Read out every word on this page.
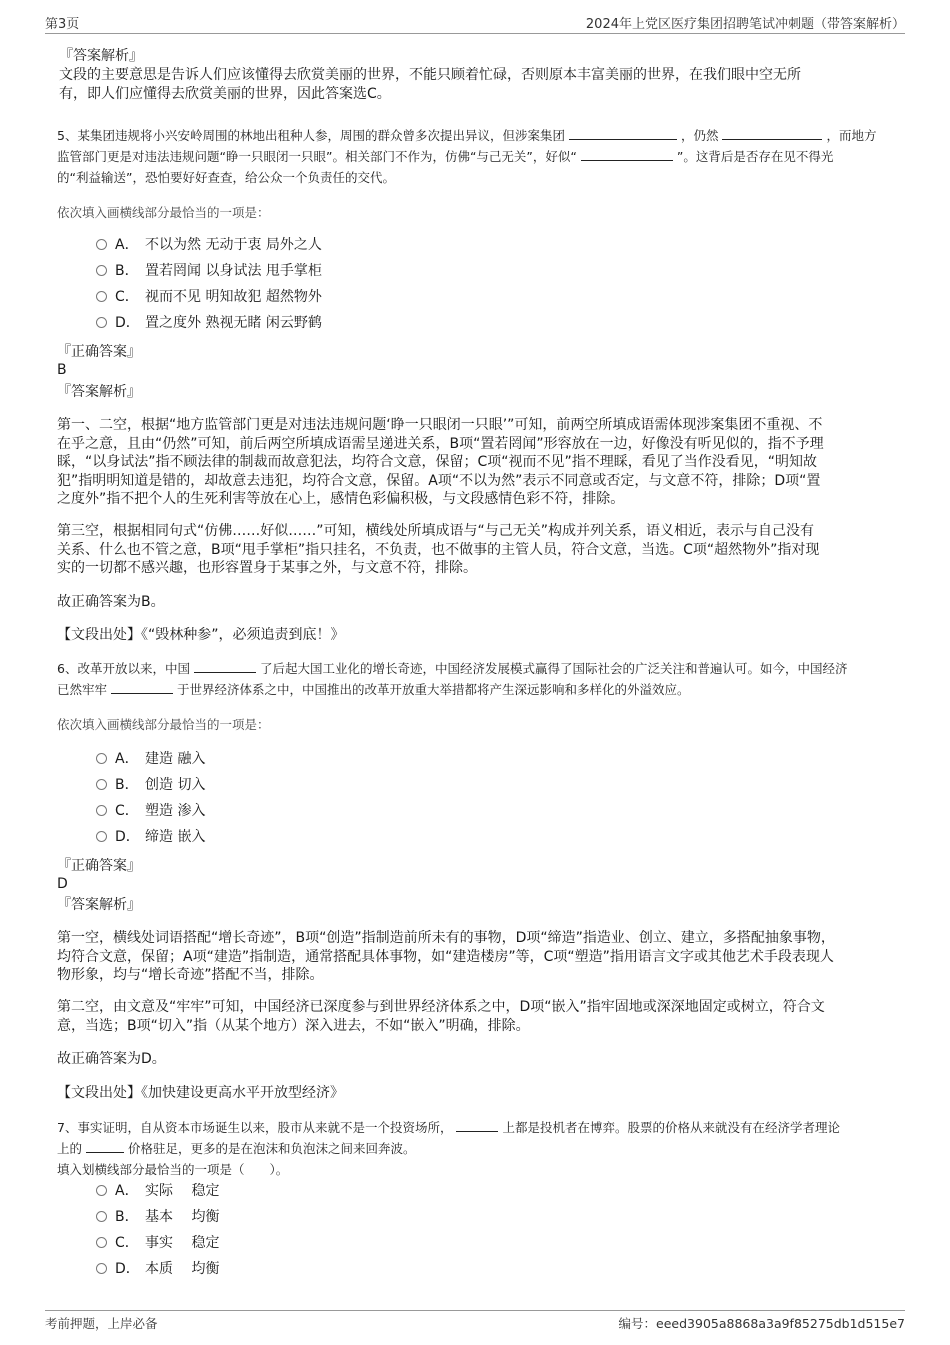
第3页	2024年上党区医疗集团招聘笔试冲刺题（带答案解析）
『答案解析』
文段的主要意思是告诉人们应该懂得去欣赏美丽的世界，不能只顾着忙碌，否则原本丰富美丽的世界，在我们眼中空无所
有，即人们应懂得去欣赏美丽的世界，因此答案选C。
5、某集团违规将小兴安岭周围的林地出租种人参，周围的群众曾多次提出异议，但涉案集团	，仍然	，而地方
监管部门更是对违法违规问题“睁一只眼闭一只眼”。相关部门不作为，仿佛“与己无关”，好似“	”。这背后是否存在见不得光
的“利益输送”，恐怕要好好查查，给公众一个负责任的交代。
依次填入画横线部分最恰当的一项是：
A． 不以为然 无动于衷 局外之人
B． 置若罔闻 以身试法 甩手掌柜
C． 视而不见 明知故犯 超然物外
D． 置之度外 熟视无睹 闲云野鹤
『正确答案』
B
『答案解析』
第一、二空，根据“地方监管部门更是对违法违规问题‘睁一只眼闭一只眼’”可知，前两空所填成语需体现涉案集团不重视、不
在乎之意，且由“仍然”可知，前后两空所填成语需呈递进关系，B项“置若罔闻”形容放在一边，好像没有听见似的，指不予理
睬，“以身试法”指不顾法律的制裁而故意犯法，均符合文意，保留；C项“视而不见”指不理睬，看见了当作没看见，“明知故
犯”指明明知道是错的，却故意去违犯，均符合文意，保留。A项“不以为然”表示不同意或否定，与文意不符，排除；D项“置
之度外”指不把个人的生死利害等放在心上，感情色彩偏积极，与文段感情色彩不符，排除。
第三空，根据相同句式“仿佛……好似……”可知，横线处所填成语与“与己无关”构成并列关系，语义相近，表示与自己没有
关系、什么也不管之意，B项“甩手掌柜”指只挂名，不负责，也不做事的主管人员，符合文意，当选。C项“超然物外”指对现
实的一切都不感兴趣，也形容置身于某事之外，与文意不符，排除。
故正确答案为B。
【文段出处】《“毁林种参”，必须追责到底！》
6、改革开放以来，中国	了后起大国工业化的增长奇迹，中国经济发展模式赢得了国际社会的广泛关注和普遍认可。如今，中国经济
已然牢牢	于世界经济体系之中，中国推出的改革开放重大举措都将产生深远影响和多样化的外溢效应。
依次填入画横线部分最恰当的一项是：
A． 建造 融入
B． 创造 切入
C． 塑造 渗入
D． 缔造 嵌入
『正确答案』
D
『答案解析』
第一空，横线处词语搭配“增长奇迹”，B项“创造”指制造前所未有的事物，D项“缔造”指造业、创立、建立，多搭配抽象事物，
均符合文意，保留；A项“建造”指制造，通常搭配具体事物，如“建造楼房”等，C项“塑造”指用语言文字或其他艺术手段表现人
物形象，均与“增长奇迹”搭配不当，排除。
第二空，由文意及“牢牢”可知，中国经济已深度参与到世界经济体系之中，D项“嵌入”指牢固地或深深地固定或树立，符合文
意，当选；B项“切入”指（从某个地方）深入进去，不如“嵌入”明确，排除。
故正确答案为D。
【文段出处】《加快建设更高水平开放型经济》
7、事实证明，自从资本市场诞生以来，股市从来就不是一个投资场所，	上都是投机者在博弈。股票的价格从来就没有在经济学者理论
上的	价格驻足，更多的是在泡沫和负泡沫之间来回奔波。
填入划横线部分最恰当的一项是（　　）。
A． 实际　 稳定
B． 基本　 均衡
C． 事实　 稳定
D． 本质　 均衡
考前押题，上岸必备	编号：eeed3905a8868a3a9f85275db1d515e7
